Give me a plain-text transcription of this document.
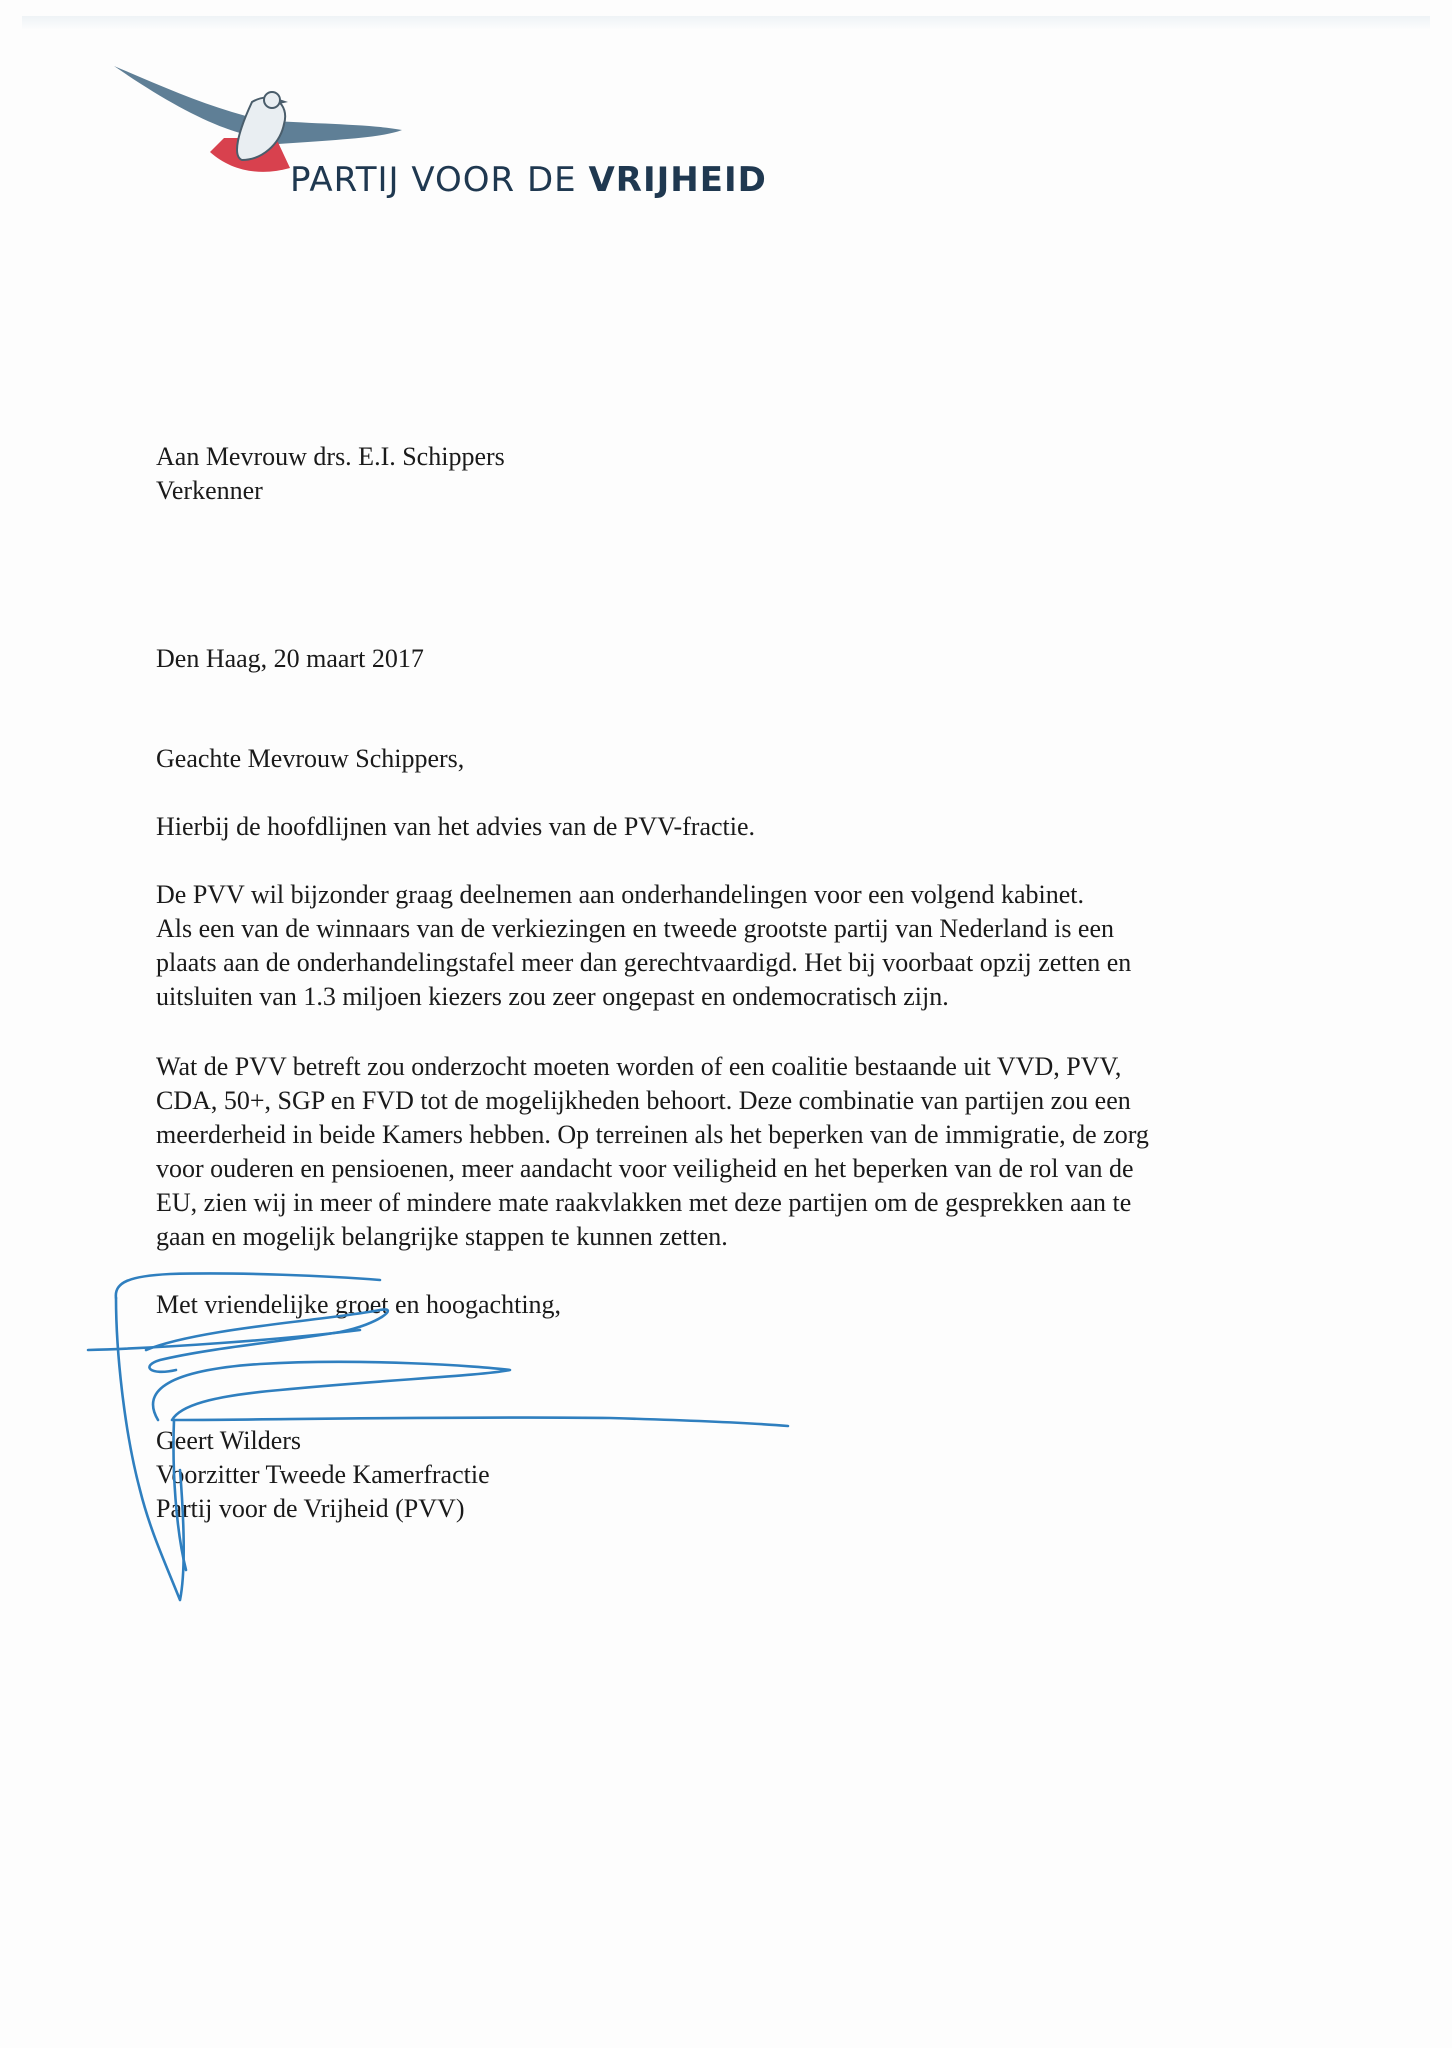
PARTIJ VOOR DE VRIJHEID
Aan Mevrouw drs. E.I. Schippers
Verkenner
Den Haag, 20 maart 2017
Geachte Mevrouw Schippers,
Hierbij de hoofdlijnen van het advies van de PVV-fractie.
De PVV wil bijzonder graag deelnemen aan onderhandelingen voor een volgend kabinet.
Als een van de winnaars van de verkiezingen en tweede grootste partij van Nederland is een
plaats aan de onderhandelingstafel meer dan gerechtvaardigd. Het bij voorbaat opzij zetten en
uitsluiten van 1.3 miljoen kiezers zou zeer ongepast en ondemocratisch zijn.
Wat de PVV betreft zou onderzocht moeten worden of een coalitie bestaande uit VVD, PVV,
CDA, 50+, SGP en FVD tot de mogelijkheden behoort. Deze combinatie van partijen zou een
meerderheid in beide Kamers hebben. Op terreinen als het beperken van de immigratie, de zorg
voor ouderen en pensioenen, meer aandacht voor veiligheid en het beperken van de rol van de
EU, zien wij in meer of mindere mate raakvlakken met deze partijen om de gesprekken aan te
gaan en mogelijk belangrijke stappen te kunnen zetten.
Met vriendelijke groet en hoogachting,
Geert Wilders
Voorzitter Tweede Kamerfractie
Partij voor de Vrijheid (PVV)
